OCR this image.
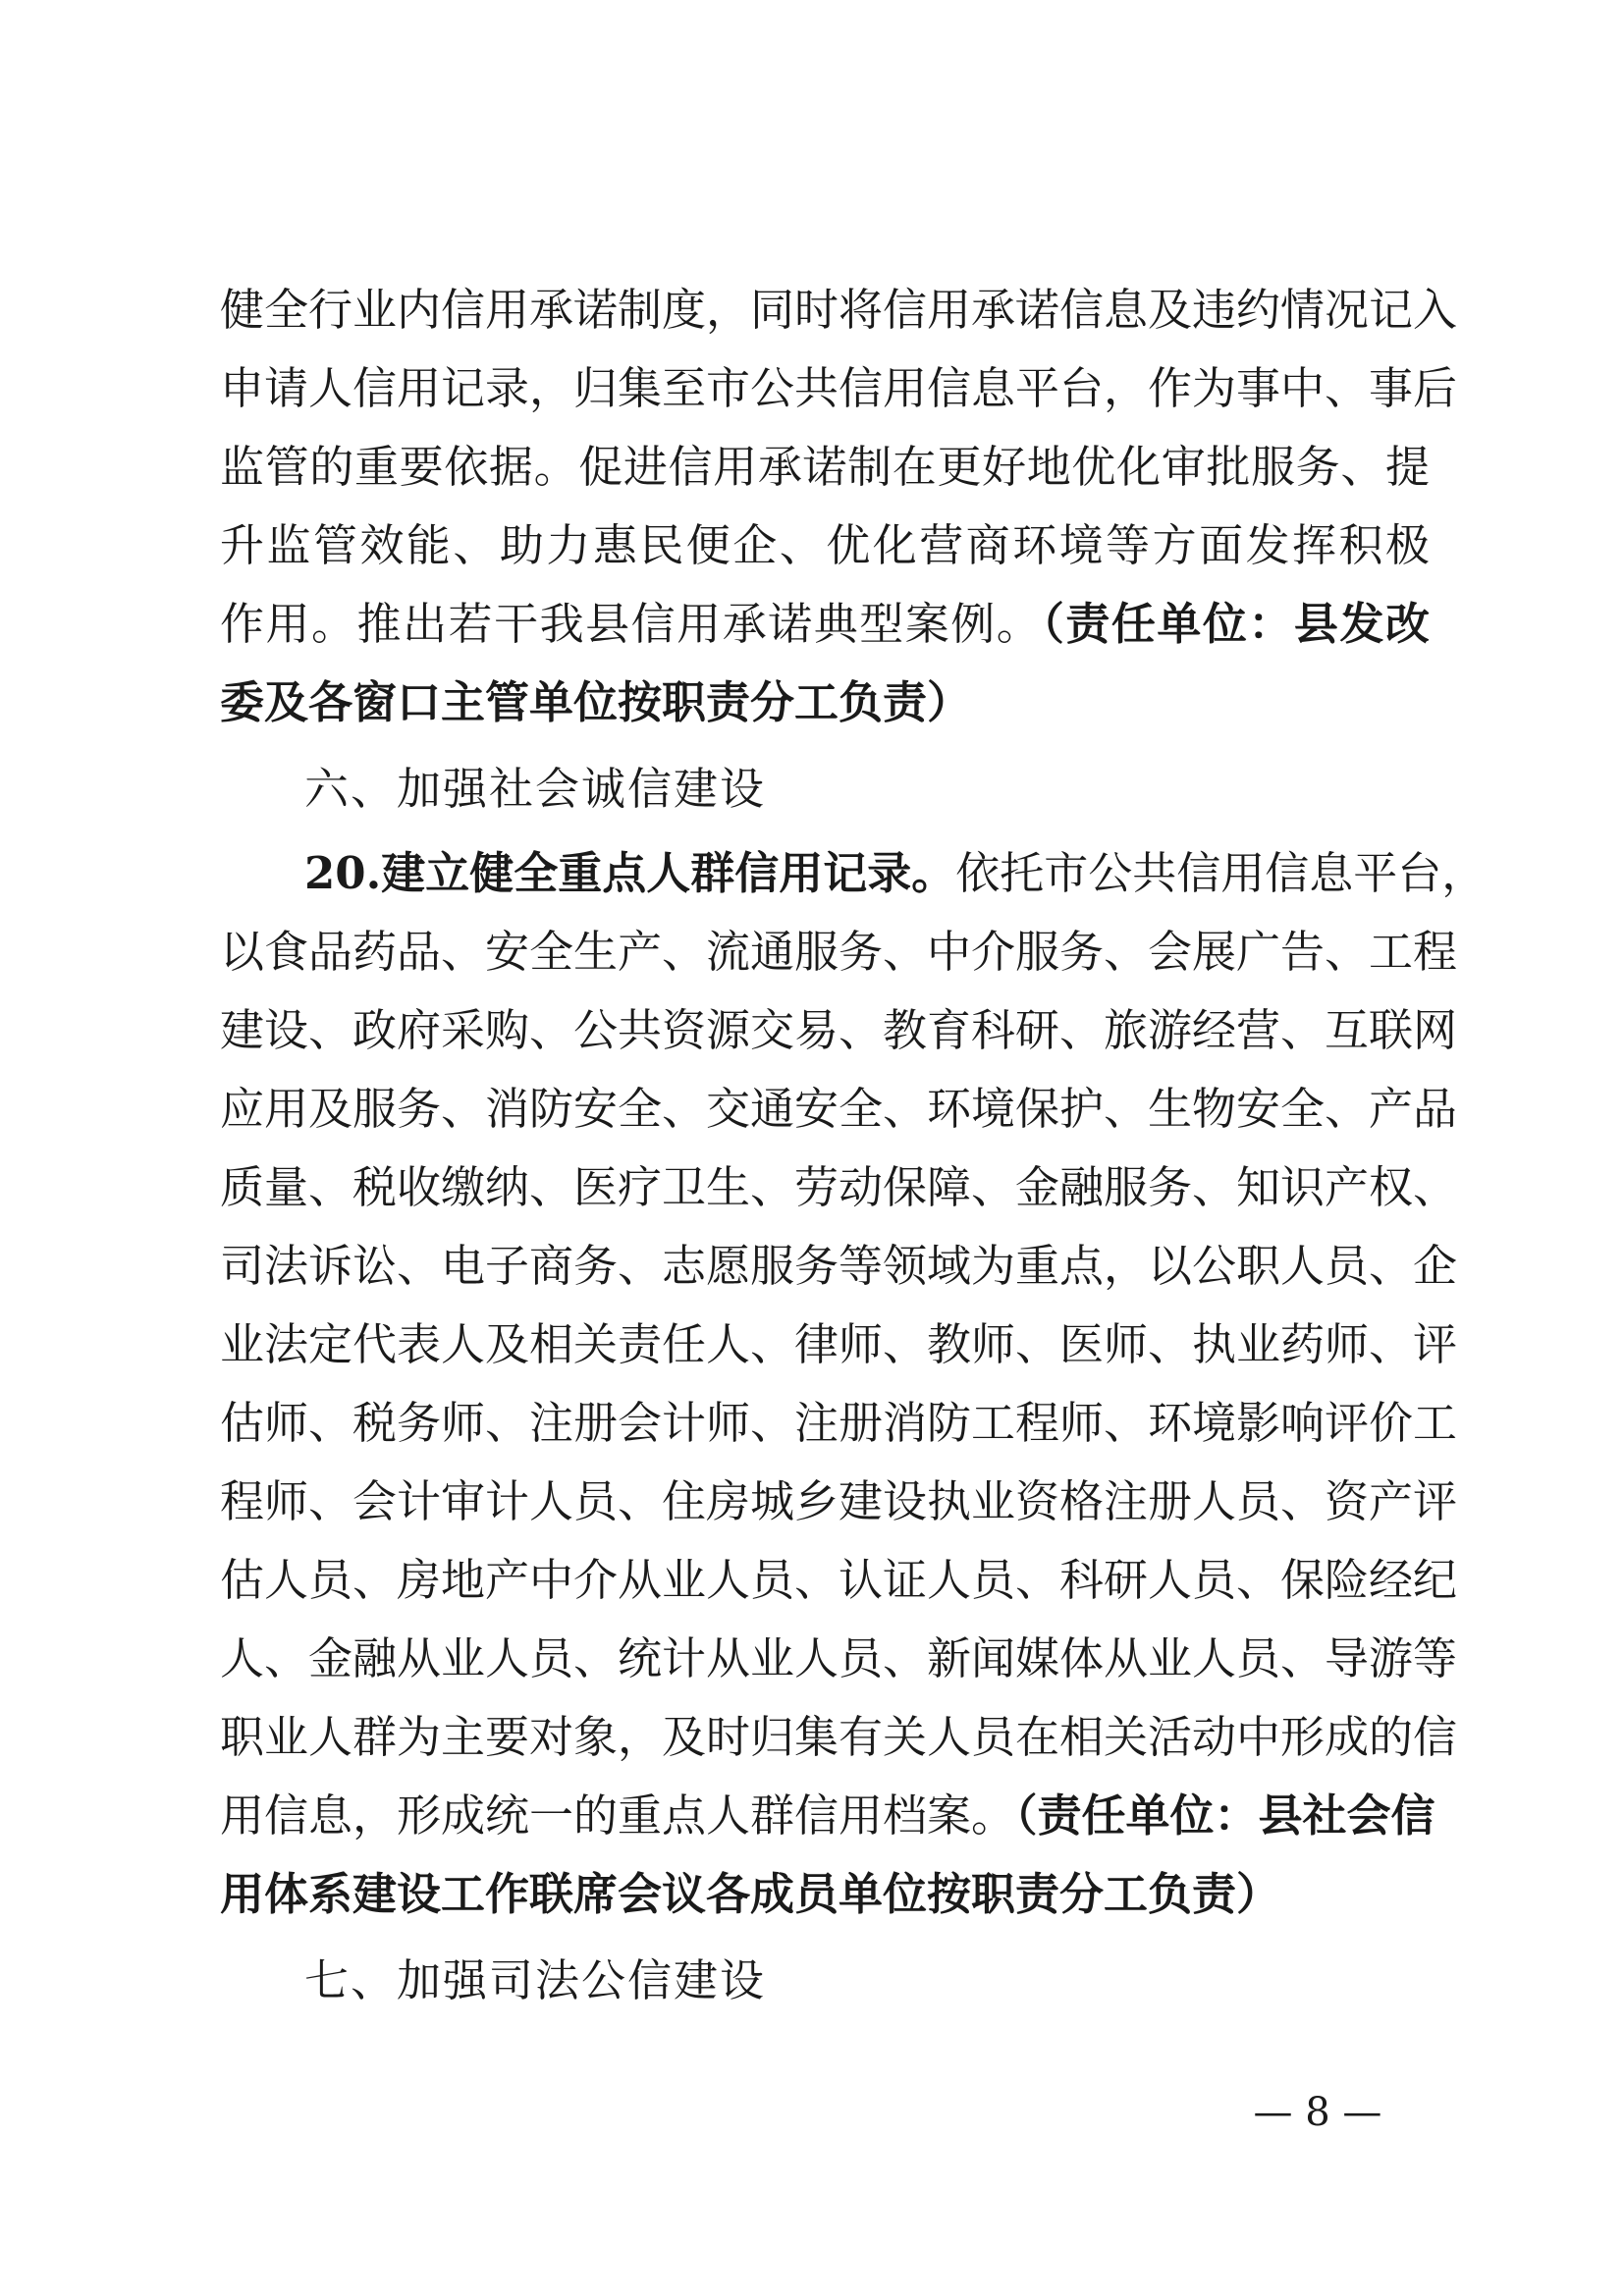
健全行业内信用承诺制度，同时将信用承诺信息及违约情况记入
申请人信用记录，归集至市公共信用信息平台，作为事中、事后
监管的重要依据。促进信用承诺制在更好地优化审批服务、提
升监管效能、助力惠民便企、优化营商环境等方面发挥积极
作用。推出若干我县信用承诺典型案例。（责任单位：县发改
委及各窗口主管单位按职责分工负责）
六、加强社会诚信建设
20.建立健全重点人群信用记录。依托市公共信用信息平台，
以食品药品、安全生产、流通服务、中介服务、会展广告、工程
建设、政府采购、公共资源交易、教育科研、旅游经营、互联网
应用及服务、消防安全、交通安全、环境保护、生物安全、产品
质量、税收缴纳、医疗卫生、劳动保障、金融服务、知识产权、
司法诉讼、电子商务、志愿服务等领域为重点，以公职人员、企
业法定代表人及相关责任人、律师、教师、医师、执业药师、评
估师、税务师、注册会计师、注册消防工程师、环境影响评价工
程师、会计审计人员、住房城乡建设执业资格注册人员、资产评
估人员、房地产中介从业人员、认证人员、科研人员、保险经纪
人、金融从业人员、统计从业人员、新闻媒体从业人员、导游等
职业人群为主要对象，及时归集有关人员在相关活动中形成的信
用信息，形成统一的重点人群信用档案。（责任单位：县社会信
用体系建设工作联席会议各成员单位按职责分工负责）
七、加强司法公信建设
— 8 —
